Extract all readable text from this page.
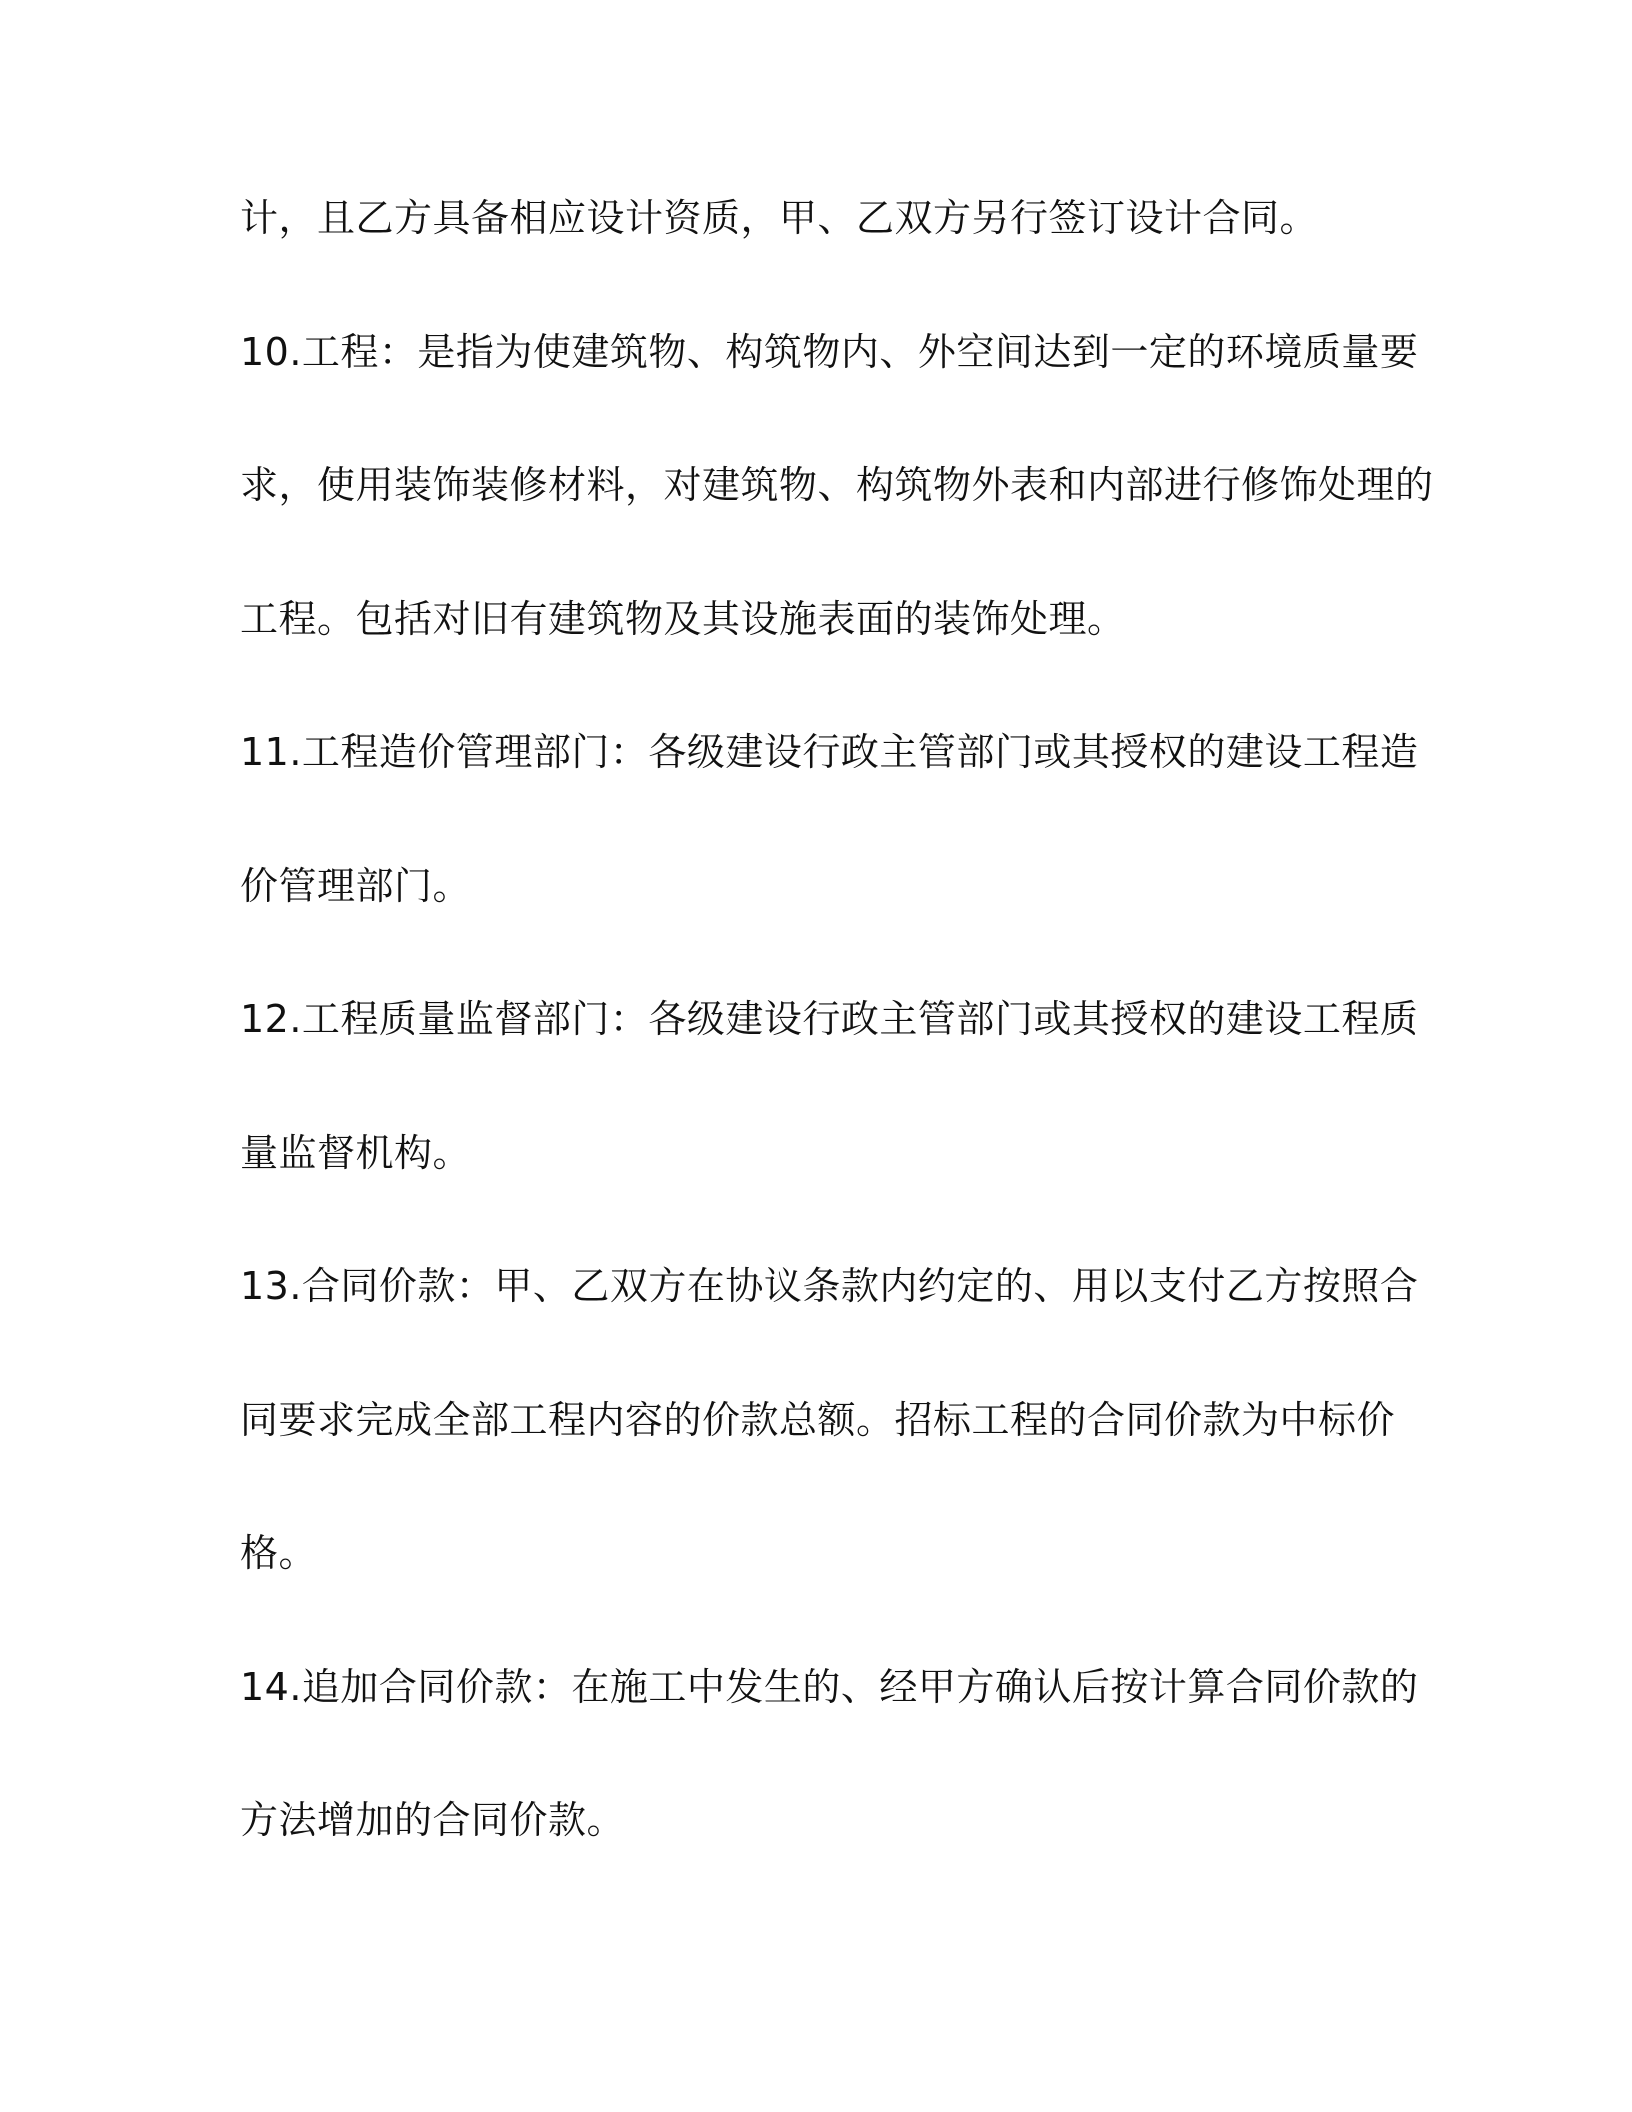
计，且乙方具备相应设计资质，甲、乙双方另行签订设计合同。
10.工程：是指为使建筑物、构筑物内、外空间达到一定的环境质量要
求，使用装饰装修材料，对建筑物、构筑物外表和内部进行修饰处理的
工程。包括对旧有建筑物及其设施表面的装饰处理。
11.工程造价管理部门：各级建设行政主管部门或其授权的建设工程造
价管理部门。
12.工程质量监督部门：各级建设行政主管部门或其授权的建设工程质
量监督机构。
13.合同价款：甲、乙双方在协议条款内约定的、用以支付乙方按照合
同要求完成全部工程内容的价款总额。招标工程的合同价款为中标价
格。
14.追加合同价款：在施工中发生的、经甲方确认后按计算合同价款的
方法增加的合同价款。
